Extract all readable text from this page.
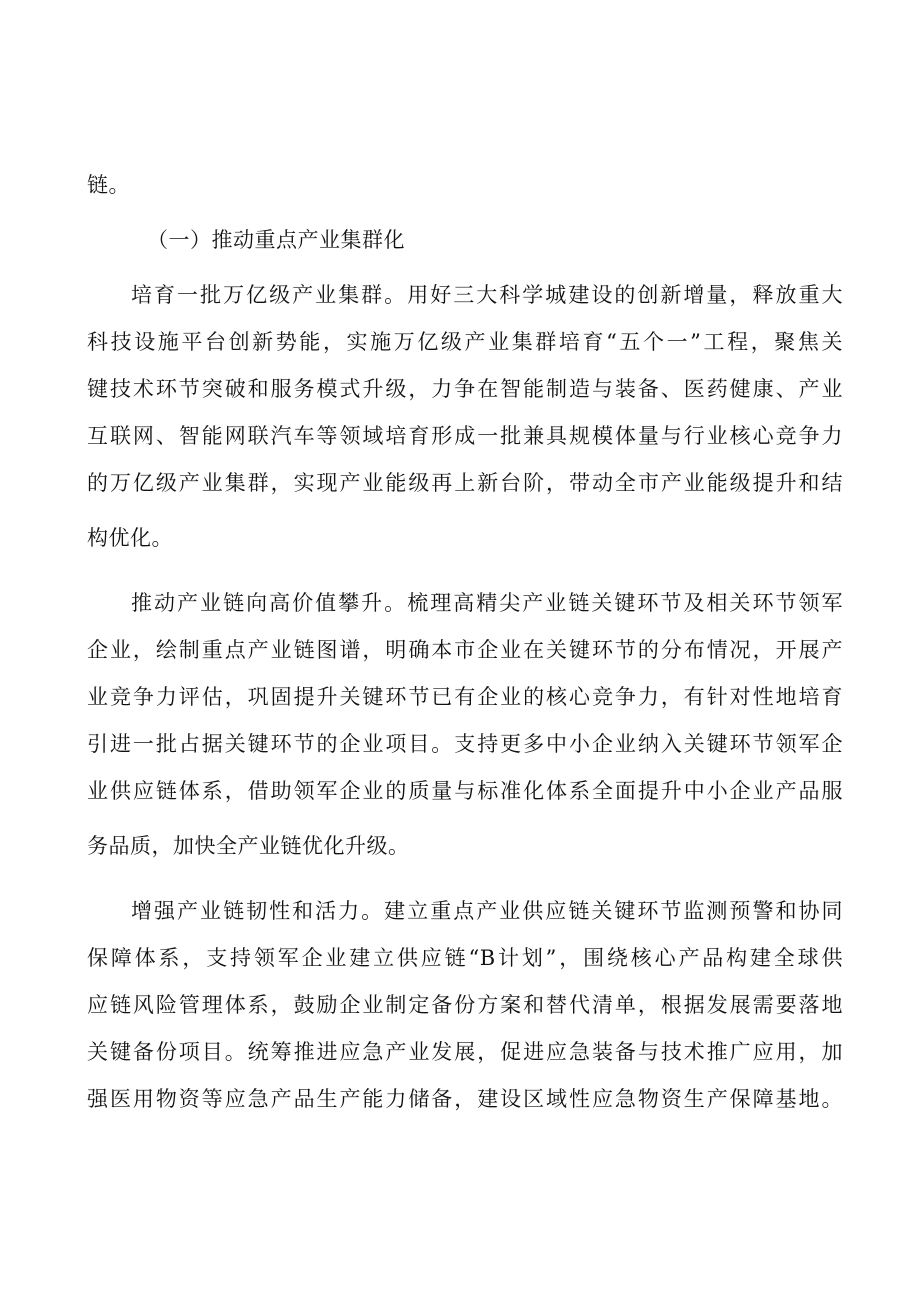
链。
（一）推动重点产业集群化
培育一批万亿级产业集群。用好三大科学城建设的创新增量，释放重大
科技设施平台创新势能，实施万亿级产业集群培育“五个一”工程，聚焦关
键技术环节突破和服务模式升级，力争在智能制造与装备、医药健康、产业
互联网、智能网联汽车等领域培育形成一批兼具规模体量与行业核心竞争力
的万亿级产业集群，实现产业能级再上新台阶，带动全市产业能级提升和结
构优化。
推动产业链向高价值攀升。梳理高精尖产业链关键环节及相关环节领军
企业，绘制重点产业链图谱，明确本市企业在关键环节的分布情况，开展产
业竞争力评估，巩固提升关键环节已有企业的核心竞争力，有针对性地培育
引进一批占据关键环节的企业项目。支持更多中小企业纳入关键环节领军企
业供应链体系，借助领军企业的质量与标准化体系全面提升中小企业产品服
务品质，加快全产业链优化升级。
增强产业链韧性和活力。建立重点产业供应链关键环节监测预警和协同
保障体系，支持领军企业建立供应链“B计划”，围绕核心产品构建全球供
应链风险管理体系，鼓励企业制定备份方案和替代清单，根据发展需要落地
关键备份项目。统筹推进应急产业发展，促进应急装备与技术推广应用，加
强医用物资等应急产品生产能力储备，建设区域性应急物资生产保障基地。
